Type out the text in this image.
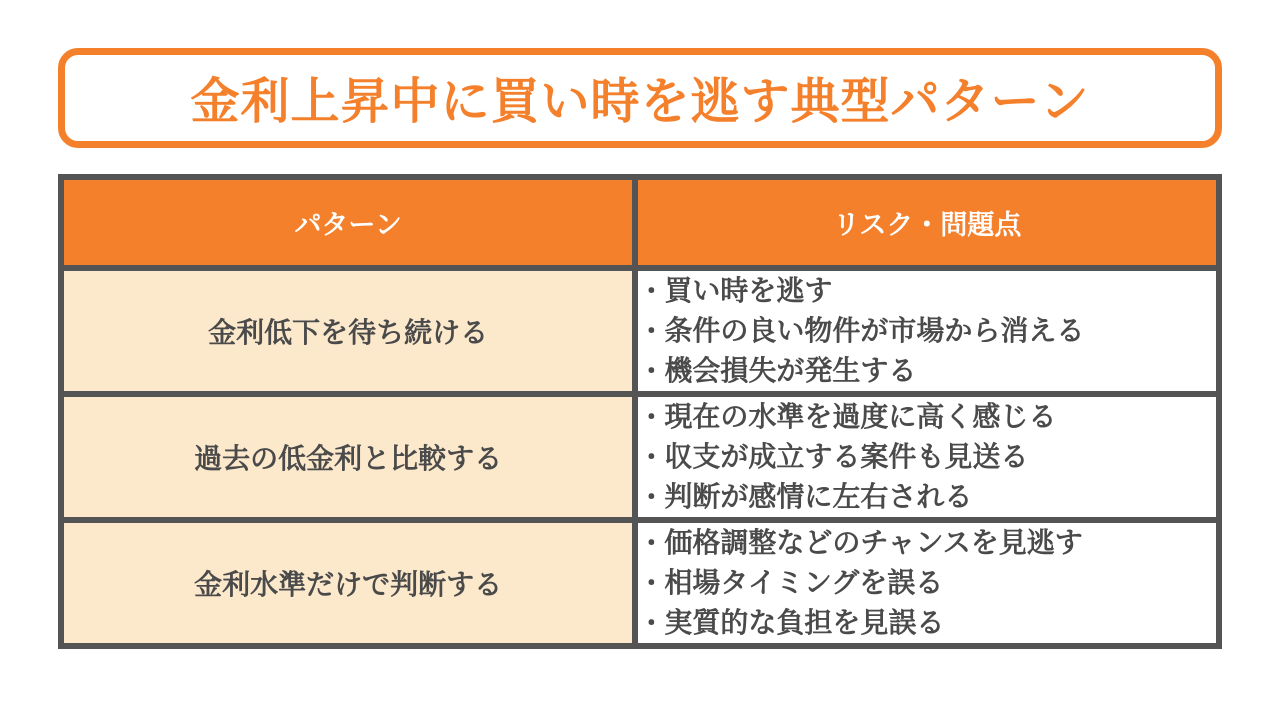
金利上昇中に買い時を逃す典型パターン
パターン	リスク・問題点
金利低下を待ち続ける	
・ 買い時を逃す
・ 条件の良い物件が市場から消える
・ 機会損失が発生する

過去の低金利と比較する	
・ 現在の水準を過度に高く感じる
・ 収支が成立する案件も見送る
・ 判断が感情に左右される

金利水準だけで判断する	
・ 価格調整などのチャンスを見逃す
・ 相場タイミングを誤る
・ 実質的な負担を見誤る
